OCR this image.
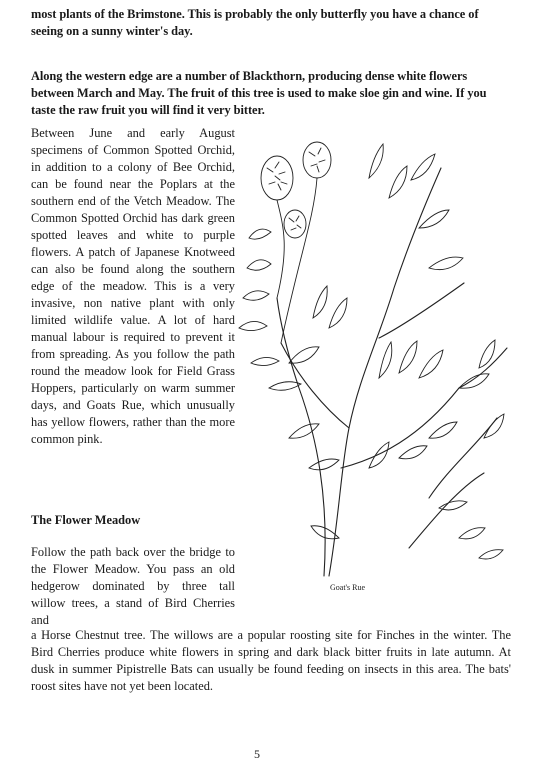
most plants of the Brimstone. This is probably the only butterfly you have a chance of seeing on a sunny winter's day.

Along the western edge are a number of Blackthorn, producing dense white flowers between March and May. The fruit of this tree is used to make sloe gin and wine. If you taste the raw fruit you will find it very bitter.

Between June and early August specimens of Common Spotted Orchid, in addition to a colony of Bee Orchid, can be found near the Poplars at the southern end of the Vetch Meadow. The Common Spotted Orchid has dark green spotted leaves and white to purple flowers. A patch of Japanese Knotweed can also be found along the southern edge of the meadow. This is a very invasive, non native plant with only limited wildlife value. A lot of hard manual labour is required to prevent it from spreading. As you follow the path round the meadow look for Field Grass Hoppers, particularly on warm summer days, and Goats Rue, which unusually has yellow flowers, rather than the more common pink.

The Flower Meadow

Follow the path back over the bridge to the Flower Meadow. You pass an old hedgerow dominated by three tall willow trees, a stand of Bird Cherries and

a Horse Chestnut tree. The willows are a popular roosting site for Finches in the winter. The Bird Cherries produce white flowers in spring and dark black bitter fruits in late autumn. At dusk in summer Pipistrelle Bats can usually be found feeding on insects in this area. The bats' roost sites have not yet been located.

Goat's Rue

5
